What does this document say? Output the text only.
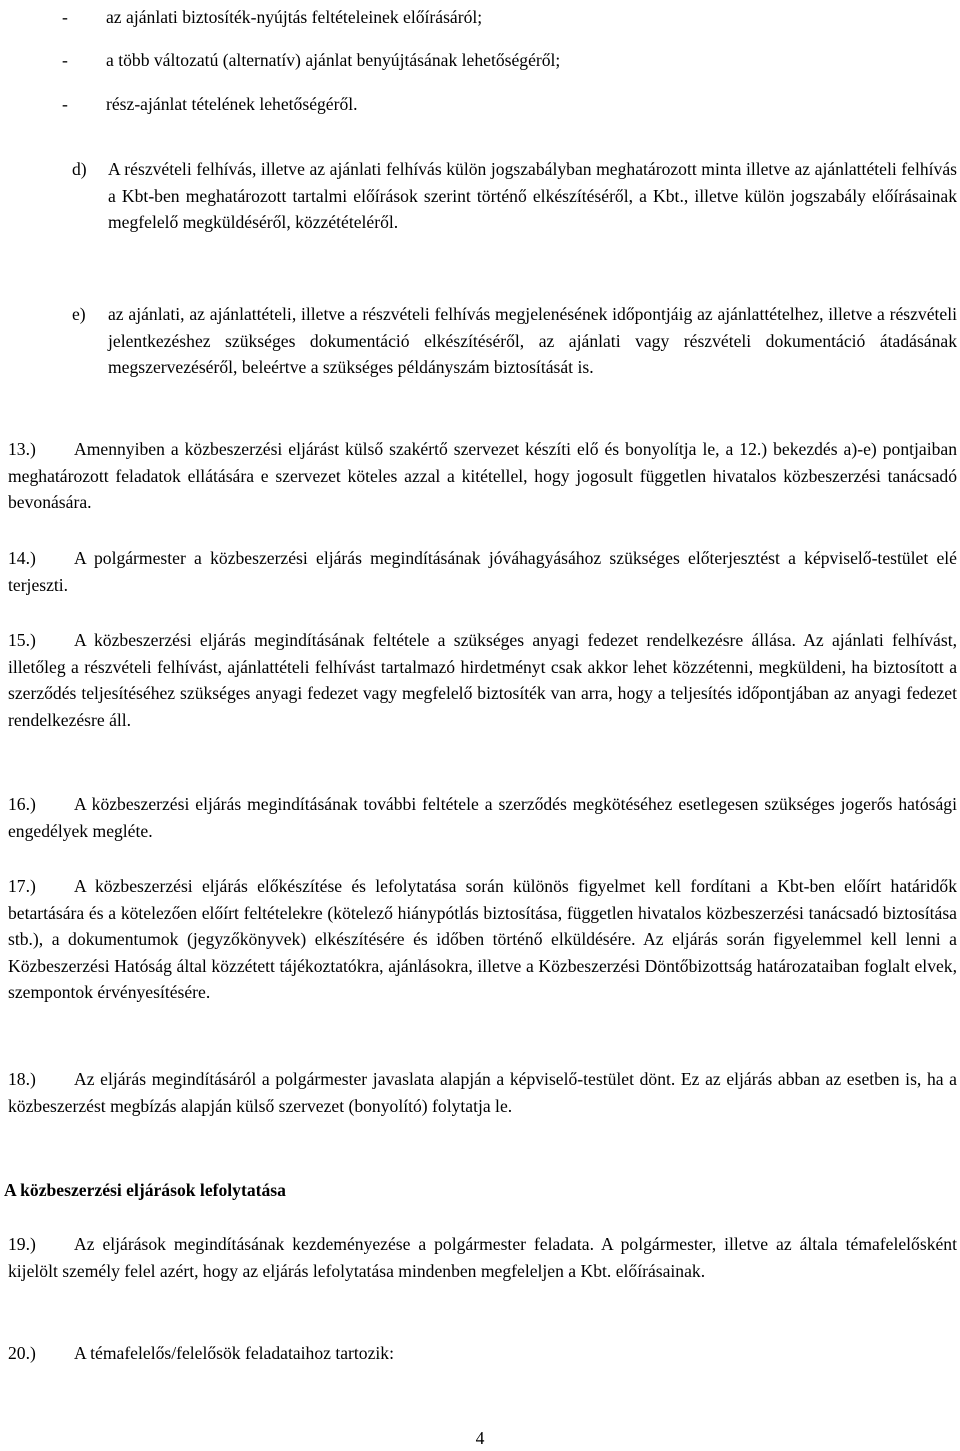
- az ajánlati biztosíték-nyújtás feltételeinek előírásáról;
- a több változatú (alternatív) ajánlat benyújtásának lehetőségéről;
- rész-ajánlat tételének lehetőségéről.
d) A részvételi felhívás, illetve az ajánlati felhívás külön jogszabályban meghatározott minta illetve az ajánlattételi felhívás a Kbt-ben meghatározott tartalmi előírások szerint történő elkészítéséről, a Kbt., illetve külön jogszabály előírásainak megfelelő megküldéséről, közzétételéről.
e) az ajánlati, az ajánlattételi, illetve a részvételi felhívás megjelenésének időpontjáig az ajánlattételhez, illetve a részvételi jelentkezéshez szükséges dokumentáció elkészítéséről, az ajánlati vagy részvételi dokumentáció átadásának megszervezéséről, beleértve a szükséges példányszám biztosítását is.
13.) Amennyiben a közbeszerzési eljárást külső szakértő szervezet készíti elő és bonyolítja le, a 12.) bekezdés a)-e) pontjaiban meghatározott feladatok ellátására e szervezet köteles azzal a kitétellel, hogy jogosult független hivatalos közbeszerzési tanácsadó bevonására.
14.) A polgármester a közbeszerzési eljárás megindításának jóváhagyásához szükséges előterjesztést a képviselő-testület elé terjeszti.
15.) A közbeszerzési eljárás megindításának feltétele a szükséges anyagi fedezet rendelkezésre állása. Az ajánlati felhívást, illetőleg a részvételi felhívást, ajánlattételi felhívást tartalmazó hirdetményt csak akkor lehet közzétenni, megküldeni, ha biztosított a szerződés teljesítéséhez szükséges anyagi fedezet vagy megfelelő biztosíték van arra, hogy a teljesítés időpontjában az anyagi fedezet rendelkezésre áll.
16.) A közbeszerzési eljárás megindításának további feltétele a szerződés megkötéséhez esetlegesen szükséges jogerős hatósági engedélyek megléte.
17.) A közbeszerzési eljárás előkészítése és lefolytatása során különös figyelmet kell fordítani a Kbt-ben előírt határidők betartására és a kötelezően előírt feltételekre (kötelező hiánypótlás biztosítása, független hivatalos közbeszerzési tanácsadó biztosítása stb.), a dokumentumok (jegyzőkönyvek) elkészítésére és időben történő elküldésére. Az eljárás során figyelemmel kell lenni a Közbeszerzési Hatóság által közzétett tájékoztatókra, ajánlásokra, illetve a Közbeszerzési Döntőbizottság határozataiban foglalt elvek, szempontok érvényesítésére.
18.) Az eljárás megindításáról a polgármester javaslata alapján a képviselő-testület dönt. Ez az eljárás abban az esetben is, ha a közbeszerzést megbízás alapján külső szervezet (bonyolító) folytatja le.
A közbeszerzési eljárások lefolytatása
19.) Az eljárások megindításának kezdeményezése a polgármester feladata. A polgármester, illetve az általa témafelelősként kijelölt személy felel azért, hogy az eljárás lefolytatása mindenben megfeleljen a Kbt. előírásainak.
20.) A témafelelős/felelősök feladataihoz tartozik:
4
